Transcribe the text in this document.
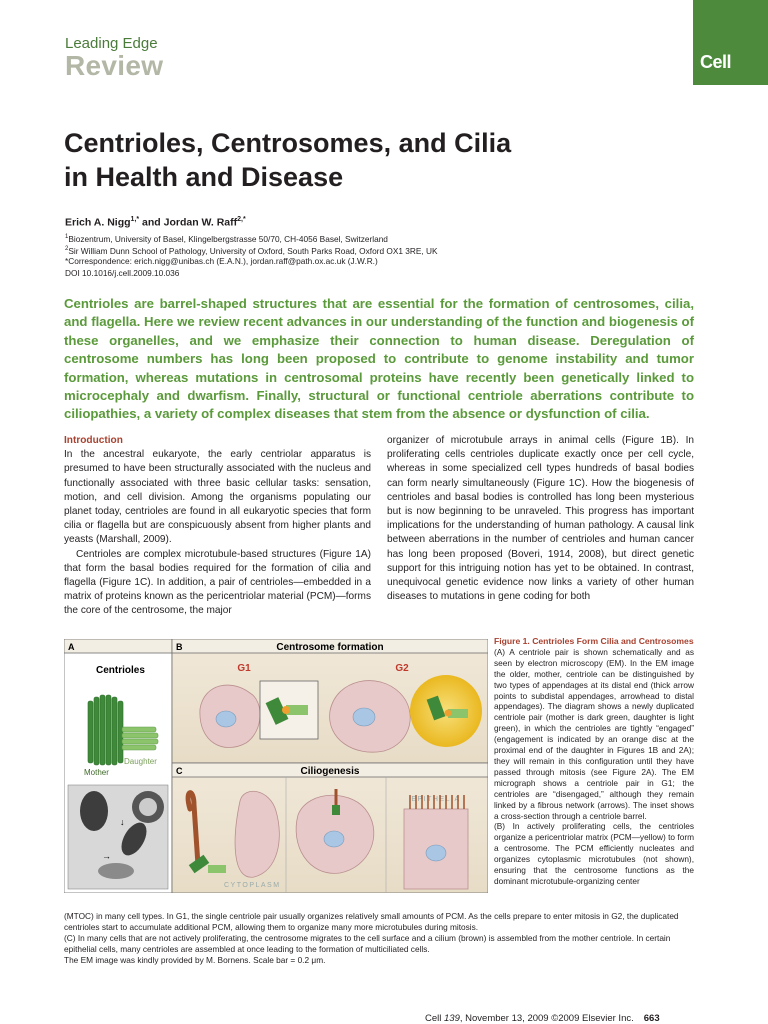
Leading Edge
Review	Cell
Centrioles, Centrosomes, and Cilia
in Health and Disease
Erich A. Nigg$^{1,*}$ and Jordan W. Raff$^{2,*}$
$^1$Biozentrum, University of Basel, Klingelbergstrasse 50/70, CH-4056 Basel, Switzerland
$^2$Sir William Dunn School of Pathology, University of Oxford, South Parks Road, Oxford OX1 3RE, UK
*Correspondence: erich.nigg@unibas.ch (E.A.N.), jordan.raff@path.ox.ac.uk (J.W.R.)
DOI 10.1016/j.cell.2009.10.036
Centrioles are barrel-shaped structures that are essential for the formation of centrosomes, cilia, and flagella. Here we review recent advances in our understanding of the function and biogenesis of these organelles, and we emphasize their connection to human disease. Deregulation of centrosome numbers has long been proposed to contribute to genome instability and tumor formation, whereas mutations in centrosomal proteins have recently been genetically linked to microcephaly and dwarfism. Finally, structural or functional centriole aberrations contribute to ciliopathies, a variety of complex diseases that stem from the absence or dysfunction of cilia.

Introduction

In the ancestral eukaryote, the early centriolar apparatus is presumed to have been structurally associated with the nucleus and functionally associated with three basic cellular tasks: sensation, motion, and cell division. Among the organisms populating our planet today, centrioles are found in all eukaryotic species that form cilia or flagella but are conspicuously absent from higher plants and yeasts (Marshall, 2009).

Centrioles are complex microtubule-based structures (Figure 1A) that form the basal bodies required for the formation of cilia and flagella (Figure 1C). In addition, a pair of centrioles—embedded in a matrix of proteins known as the pericentriolar material (PCM)—forms the core of the centrosome, the major

organizer of microtubule arrays in animal cells (Figure 1B). In proliferating cells centrioles duplicate exactly once per cell cycle, whereas in some specialized cell types hundreds of basal bodies can form nearly simultaneously (Figure 1C). How the biogenesis of centrioles and basal bodies is controlled has long been mysterious but is now beginning to be unraveled. This progress has important implications for the understanding of human pathology. A causal link between aberrations in the number of centrioles and human cancer has long been proposed (Boveri, 1914, 2008), but direct genetic support for this intriguing notion has yet to be obtained. In contrast, unequivocal genetic evidence now links a variety of other human diseases to mutations in gene coding for both

A
Centrioles
Daughter
Mother
↓
→
B	Centrosome formation
G1	G2
C	Ciliogenesis
CYTOPLASM
EPITHELIA
Figure 1. Centrioles Form Cilia and Centrosomes
(A) A centriole pair is shown schematically and as seen by electron microscopy (EM). In the EM image the older, mother, centriole can be distinguished by two types of appendages at its distal end (thick arrow points to subdistal appendages, arrowhead to distal appendages). The diagram shows a newly duplicated centriole pair (mother is dark green, daughter is light green), in which the centrioles are tightly “engaged” (engagement is indicated by an orange disc at the proximal end of the daughter in Figures 1B and 2A); they will remain in this configuration until they have passed through mitosis (see Figure 2A). The EM micrograph shows a centriole pair in G1; the centrioles are “disengaged,” although they remain linked by a fibrous network (arrows). The inset shows a cross-section through a centriole barrel.
(B) In actively proliferating cells, the centrioles organize a pericentriolar matrix (PCM—yellow) to form a centrosome. The PCM efficiently nucleates and organizes cytoplasmic microtubules (not shown), ensuring that the centrosome functions as the dominant microtubule-organizing center
(MTOC) in many cell types. In G1, the single centriole pair usually organizes relatively small amounts of PCM. As the cells prepare to enter mitosis in G2, the duplicated centrioles start to accumulate additional PCM, allowing them to organize many more microtubules during mitosis.
(C) In many cells that are not actively proliferating, the centrosome migrates to the cell surface and a cilium (brown) is assembled from the mother centriole. In certain epithelial cells, many centrioles are assembled at once leading to the formation of multiciliated cells.
The EM image was kindly provided by M. Bornens. Scale bar = 0.2 μm.
Cell 139, November 13, 2009 ©2009 Elsevier Inc. 663
